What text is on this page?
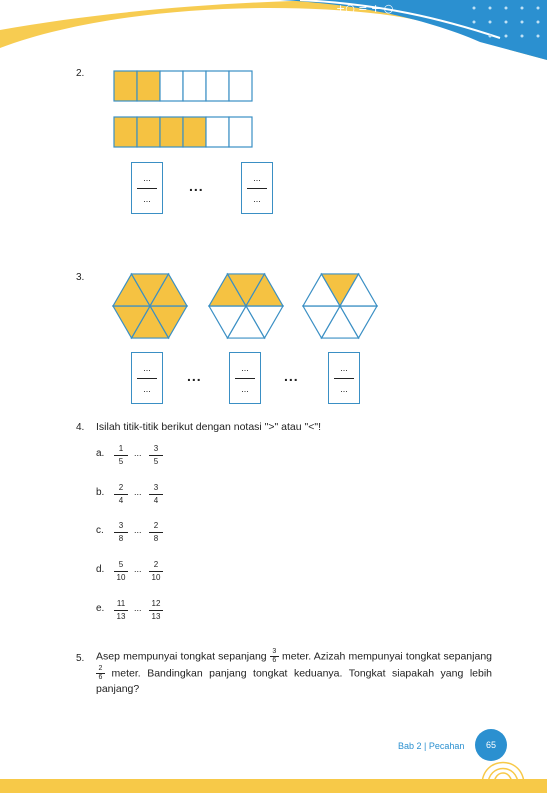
+○ = + ○
÷ △ □ ÷
2.
...
...
...	...
...
3.
...
...
...	...
...
...	...
...
4. Isilah titik-titik berikut dengan notasi ">" atau "<"!
a.	1
5
...	3
5
b.	2
4
...	3
4
c.	3
8
...	2
8
d.	5
10
...	2
10
e.	11
13
...	12
13
5. Asep mempunyai tongkat sepanjang $\frac{3}{6}$ meter. Azizah mempunyai tongkat sepanjang $\frac{2}{6}$ meter. Bandingkan panjang tongkat keduanya. Tongkat siapakah yang lebih panjang?
Bab 2 | Pecahan 65
